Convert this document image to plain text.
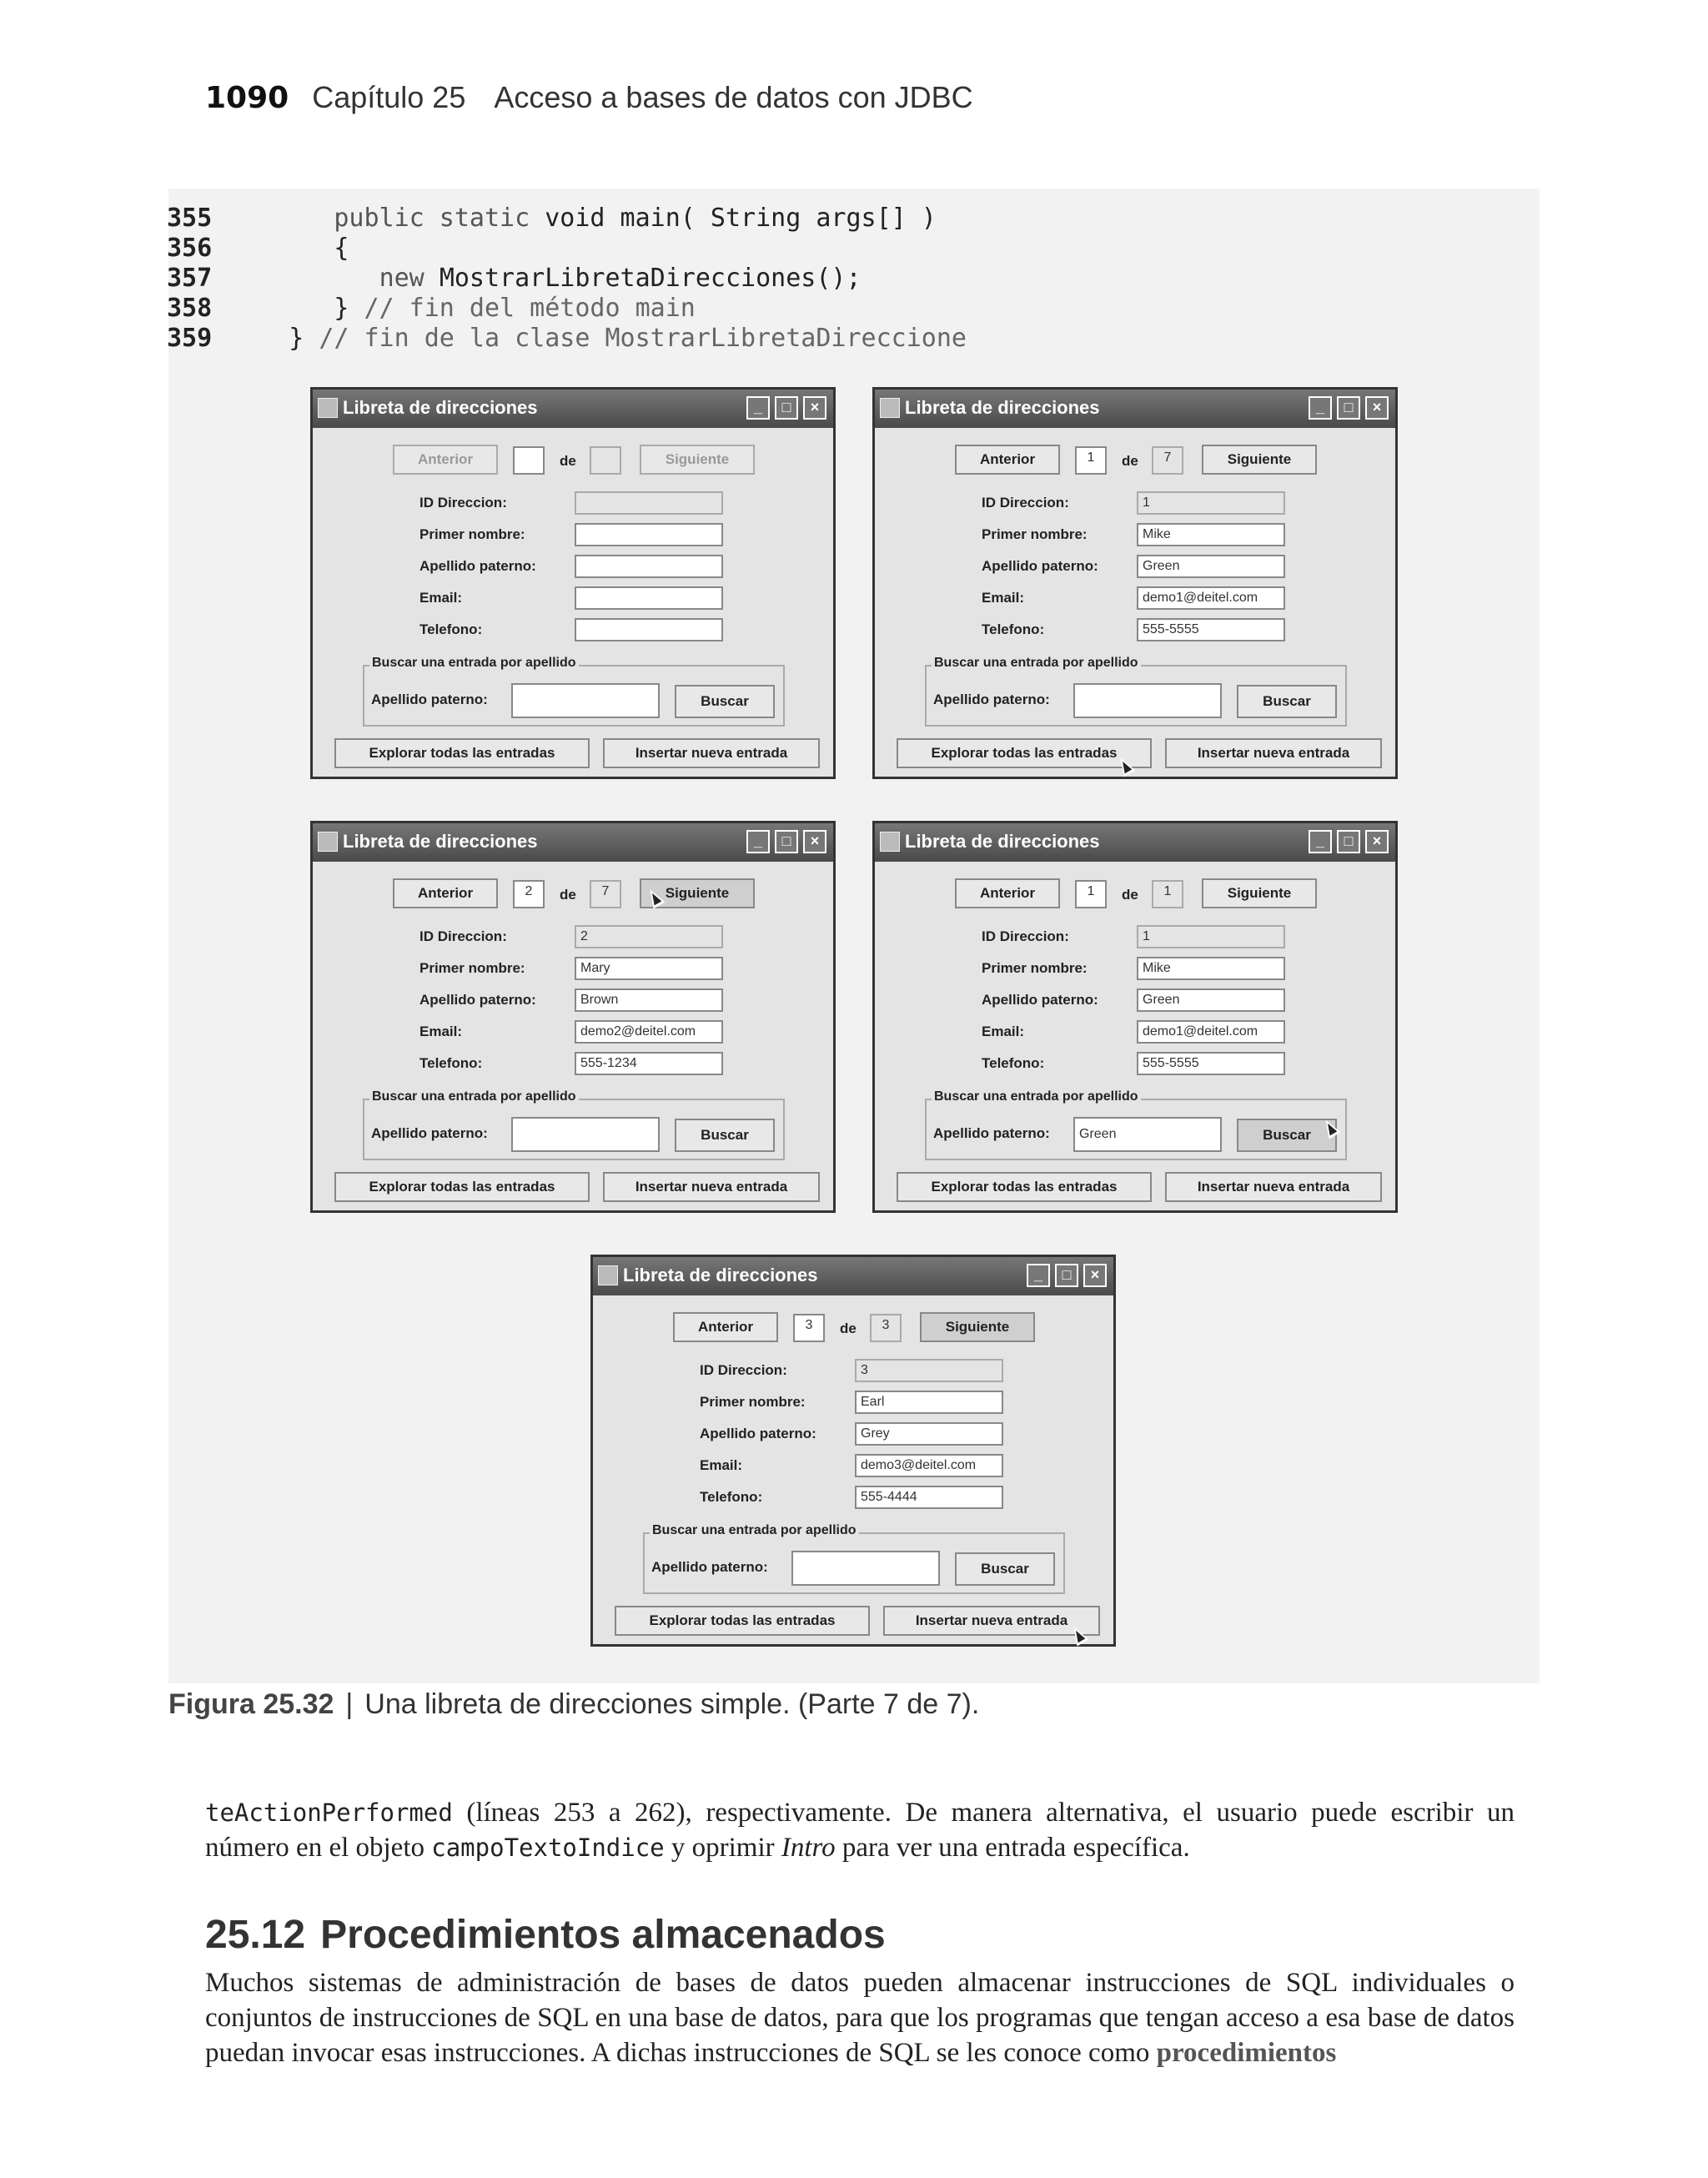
1090 Capítulo 25 Acceso a bases de datos con JDBC
355
	public static void main( String args[] )
356
	{
357
	new MostrarLibretaDirecciones();
358
	} // fin del método main
359
	} // fin de la clase MostrarLibretaDireccione
Libreta de direcciones	_	□	×
Anterior	de	Siguiente
ID Direccion:
Primer nombre:
Apellido paterno:
Email:
Telefono:
Buscar una entrada por apellido
Apellido paterno:	Buscar
Explorar todas las entradas	Insertar nueva entrada
Libreta de direcciones	_	□	×
Anterior	1	de	7	Siguiente
ID Direccion:	1
Primer nombre:	Mike
Apellido paterno:	Green
Email:	demo1@deitel.com
Telefono:	555-5555
Buscar una entrada por apellido
Apellido paterno:	Buscar
Explorar todas las entradas	Insertar nueva entrada
Libreta de direcciones	_	□	×
Anterior	2	de	7	Siguiente
ID Direccion:	2
Primer nombre:	Mary
Apellido paterno:	Brown
Email:	demo2@deitel.com
Telefono:	555-1234
Buscar una entrada por apellido
Apellido paterno:	Buscar
Explorar todas las entradas	Insertar nueva entrada
Libreta de direcciones	_	□	×
Anterior	1	de	1	Siguiente
ID Direccion:	1
Primer nombre:	Mike
Apellido paterno:	Green
Email:	demo1@deitel.com
Telefono:	555-5555
Buscar una entrada por apellido
Apellido paterno:	Green	Buscar
Explorar todas las entradas	Insertar nueva entrada
Libreta de direcciones	_	□	×
Anterior	3	de	3	Siguiente
ID Direccion:	3
Primer nombre:	Earl
Apellido paterno:	Grey
Email:	demo3@deitel.com
Telefono:	555-4444
Buscar una entrada por apellido
Apellido paterno:	Buscar
Explorar todas las entradas	Insertar nueva entrada
Figura 25.32 | Una libreta de direcciones simple. (Parte 7 de 7).
teActionPerformed (líneas 253 a 262), respectivamente. De manera alternativa, el usuario puede escribir un número en el objeto campoTextoIndice y oprimir Intro para ver una entrada específica.
25.12 Procedimientos almacenados
Muchos sistemas de administración de bases de datos pueden almacenar instrucciones de SQL individuales o conjuntos de instrucciones de SQL en una base de datos, para que los programas que tengan acceso a esa base de datos puedan invocar esas instrucciones. A dichas instrucciones de SQL se les conoce como procedimientos
